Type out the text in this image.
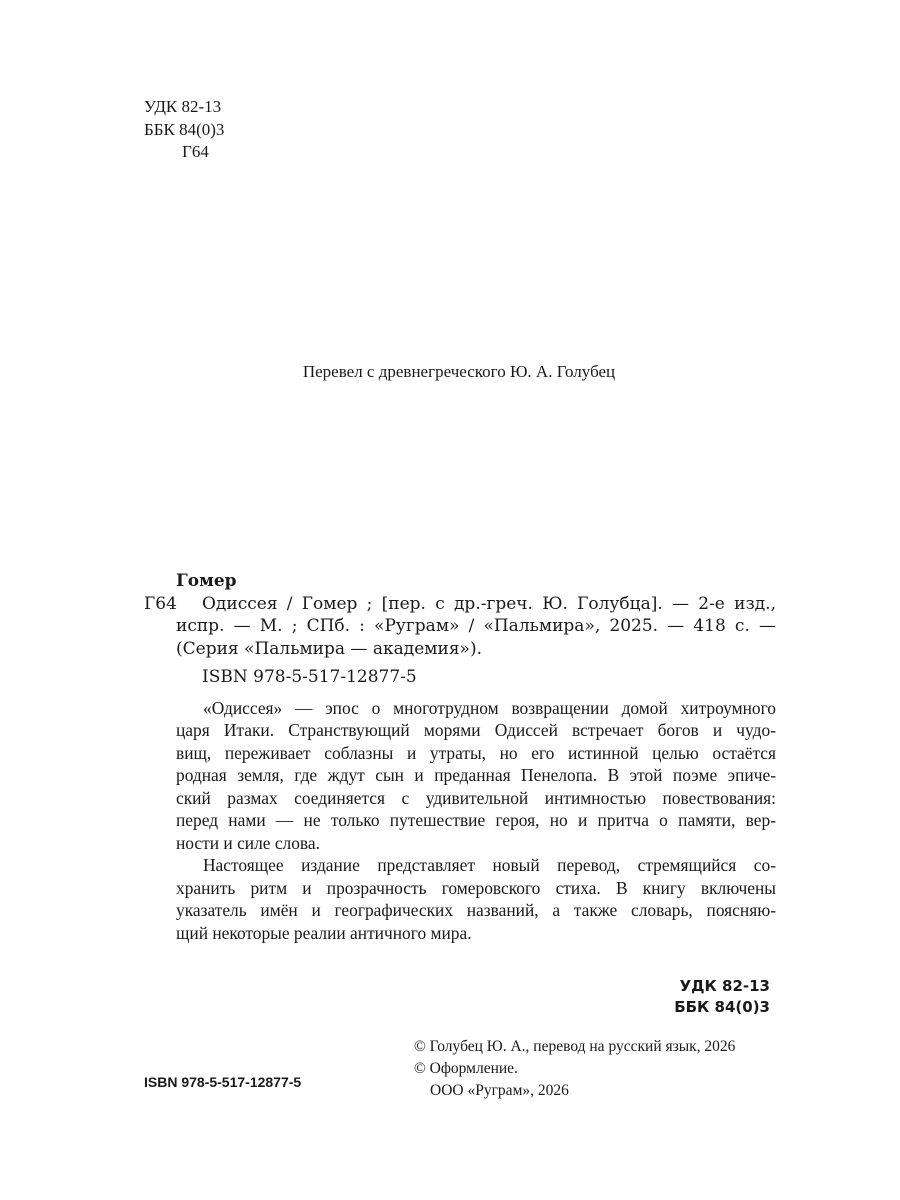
УДК 82-13
ББК 84(0)3
Г64
Перевел с древнегреческого Ю. А. Голубец
Гомер
Г64 Одиссея / Гомер ; [пер. с др.-греч. Ю. Голубца]. — 2-е изд.,
испр. — М. ; СПб. : «Руграм» / «Пальмира», 2025. — 418 с. —
(Серия «Пальмира — академия»).
ISBN 978-5-517-12877-5
«Одиссея» — эпос о многотрудном возвращении домой хитроумного
царя Итаки. Странствующий морями Одиссей встречает богов и чудо-
вищ, переживает соблазны и утраты, но его истинной целью остаётся
родная земля, где ждут сын и преданная Пенелопа. В этой поэме эпиче-
ский размах соединяется с удивительной интимностью повествования:
перед нами — не только путешествие героя, но и притча о памяти, вер-
ности и силе слова.
Настоящее издание представляет новый перевод, стремящийся со-
хранить ритм и прозрачность гомеровского стиха. В книгу включены
указатель имён и географических названий, а также словарь, поясняю-
щий некоторые реалии античного мира.
УДК 82-13
ББК 84(0)3
ISBN 978-5-517-12877-5
© Голубец Ю. А., перевод на русский язык, 2026
© Оформление.
ООО «Руграм», 2026
